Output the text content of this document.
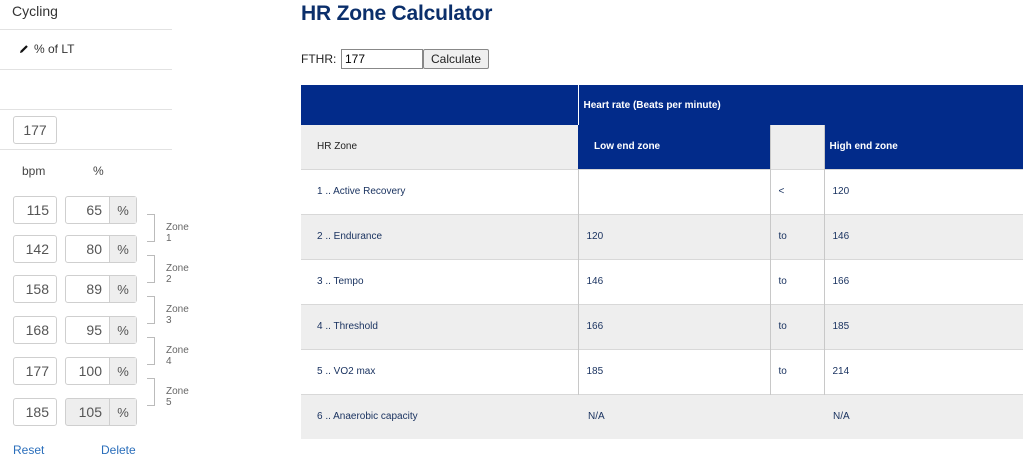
Cycling
% of LT
177
bpm	%
115	65	%
142	80	%
158	89	%
168	95	%
177 100	%
185 105	%
Zone 1
Zone 2
Zone 3
Zone 4
Zone 5
Reset	Delete
HR Zone Calculator
FTHR:
177	Calculate
	Heart rate (Beats per minute)		
HR Zone	Low end zone		High end zone
1 .. Active Recovery		<	120
2 .. Endurance	120	to	146
3 .. Tempo	146	to	166
4 .. Threshold	166	to	185
5 .. VO2 max	185	to	214
6 .. Anaerobic capacity	N/A		N/A
